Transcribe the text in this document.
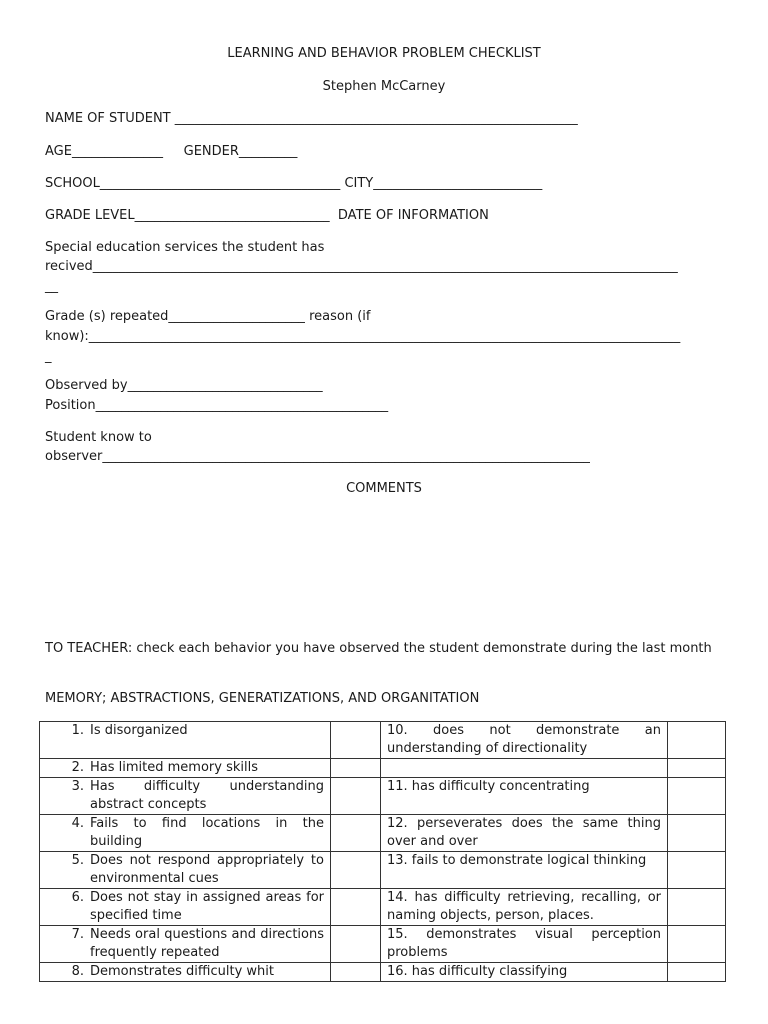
LEARNING AND BEHAVIOR PROBLEM CHECKLIST
Stephen McCarney
NAME OF STUDENT ______________________________________________________________
AGE______________     GENDER_________
SCHOOL_____________________________________ CITY__________________________
GRADE LEVEL______________________________  DATE OF INFORMATION
Special education services the student has
recived__________________________________________________________________________________________
__
Grade (s) repeated_____________________ reason (if
know):___________________________________________________________________________________________
_
Observed by______________________________
Position_____________________________________________
Student know to
observer___________________________________________________________________________
COMMENTS
TO TEACHER: check each behavior you have observed the student demonstrate during the last month
MEMORY; ABSTRACTIONS, GENERATIZATIONS, AND ORGANITATION
1. Is disorganized		10. does not demonstrate an understanding of directionality	

2. Has limited memory skills			

3. Has difficulty understanding abstract concepts		11. has difficulty concentrating	

4. Fails to find locations in the building		12. perseverates does the same thing over and over	

5. Does not respond appropriately to environmental cues		13. fails to demonstrate logical thinking	

6. Does not stay in assigned areas for specified time		14. has difficulty retrieving, recalling, or naming objects, person, places.	

7. Needs oral questions and directions frequently repeated		15. demonstrates visual perception problems	

8. Demonstrates difficulty whit		16. has difficulty classifying	
